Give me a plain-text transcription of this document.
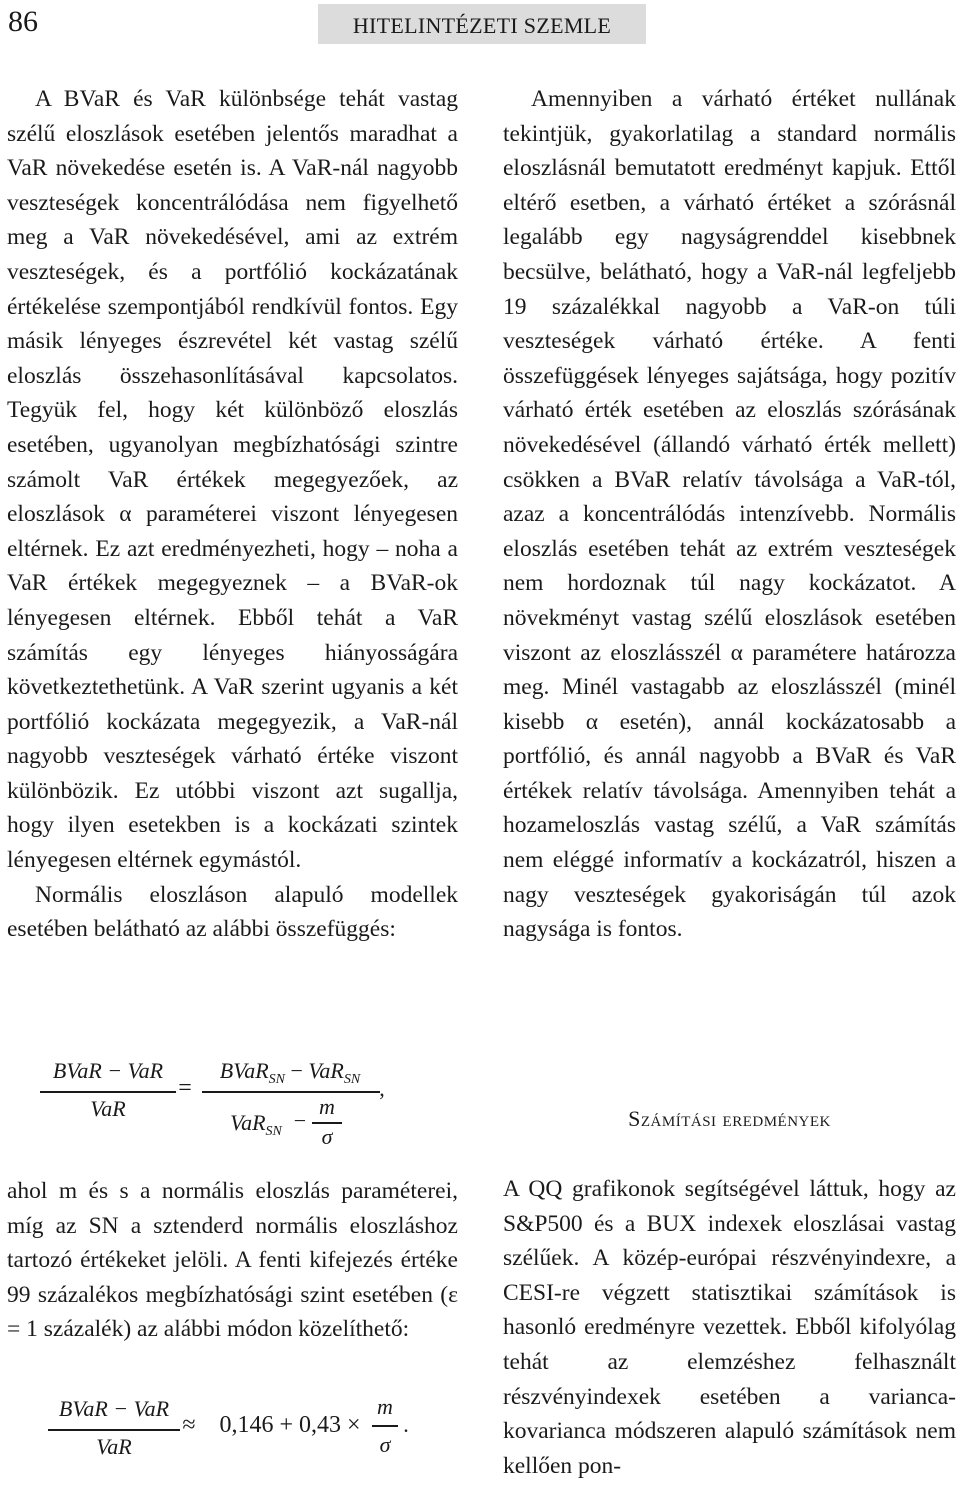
86	HITELINTÉZETI SZEMLE

A BVaR és VaR különbsége tehát vastag szélű eloszlások esetében jelentős maradhat a VaR növekedése esetén is. A VaR-nál nagyobb veszteségek koncentrálódása nem figyelhető meg a VaR növekedésével, ami az extrém veszteségek, és a portfólió kockázatának értékelése szempontjából rendkívül fontos. Egy másik lényeges észrevétel két vastag szélű eloszlás összehasonlításával kapcsolatos. Tegyük fel, hogy két különböző eloszlás esetében, ugyanolyan megbízhatósági szintre számolt VaR értékek megegyezőek, az eloszlások α paraméterei viszont lényegesen eltérnek. Ez azt eredményezheti, hogy – noha a VaR értékek megegyeznek – a BVaR-ok lényegesen eltérnek. Ebből tehát a VaR számítás egy lényeges hiányosságára következtethetünk. A VaR szerint ugyanis a két portfólió kockázata megegyezik, a VaR-nál nagyobb veszteségek várható értéke viszont különbözik. Ez utóbbi viszont azt sugallja, hogy ilyen esetekben is a kockázati szintek lényegesen eltérnek egymástól.

Normális eloszláson alapuló modellek esetében belátható az alábbi összefüggés:

BVaR − VaR
VaR
=
BVaR$_{SN}$ − VaR$_{SN}$
VaR$_{SN}$ −
m
σ
,

ahol m és s a normális eloszlás paraméterei, míg az SN a sztenderd normális eloszláshoz tartozó értékeket jelöli. A fenti kifejezés értéke 99 százalékos megbízhatósági szint esetében (ε = 1 százalék) az alábbi módon közelíthető:

BVaR − VaR
VaR
≈ 0,146 + 0,43 ×
m
σ
.

Amennyiben a várható értéket nullának tekintjük, gyakorlatilag a standard normális eloszlásnál bemutatott eredményt kapjuk. Ettől eltérő esetben, a várható értéket a szórásnál legalább egy nagyságrenddel kisebbnek becsülve, belátható, hogy a VaR-nál legfeljebb 19 százalékkal nagyobb a VaR-on túli veszteségek várható értéke. A fenti összefüggések lényeges sajátsága, hogy pozitív várható érték esetében az eloszlás szórásának növekedésével (állandó várható érték mellett) csökken a BVaR relatív távolsága a VaR-tól, azaz a koncentrálódás intenzívebb. Normális eloszlás esetében tehát az extrém veszteségek nem hordoznak túl nagy kockázatot. A növekményt vastag szélű eloszlások esetében viszont az eloszlásszél α paramétere határozza meg. Minél vastagabb az eloszlásszél (minél kisebb α esetén), annál kockázatosabb a portfólió, és annál nagyobb a BVaR és VaR értékek relatív távolsága. Amennyiben tehát a hozameloszlás vastag szélű, a VaR számítás nem eléggé informatív a kockázatról, hiszen a nagy veszteségek gyakoriságán túl azok nagysága is fontos.

Számítási eredmények

A QQ grafikonok segítségével láttuk, hogy az S&P500 és a BUX indexek eloszlásai vastag szélűek. A közép-európai részvényindexre, a CESI-re végzett statisztikai számítások is hasonló eredményre vezettek. Ebből kifolyólag tehát az elemzéshez felhasznált részvényindexek esetében a varianca-kovarianca módszeren alapuló számítások nem kellően pon-
